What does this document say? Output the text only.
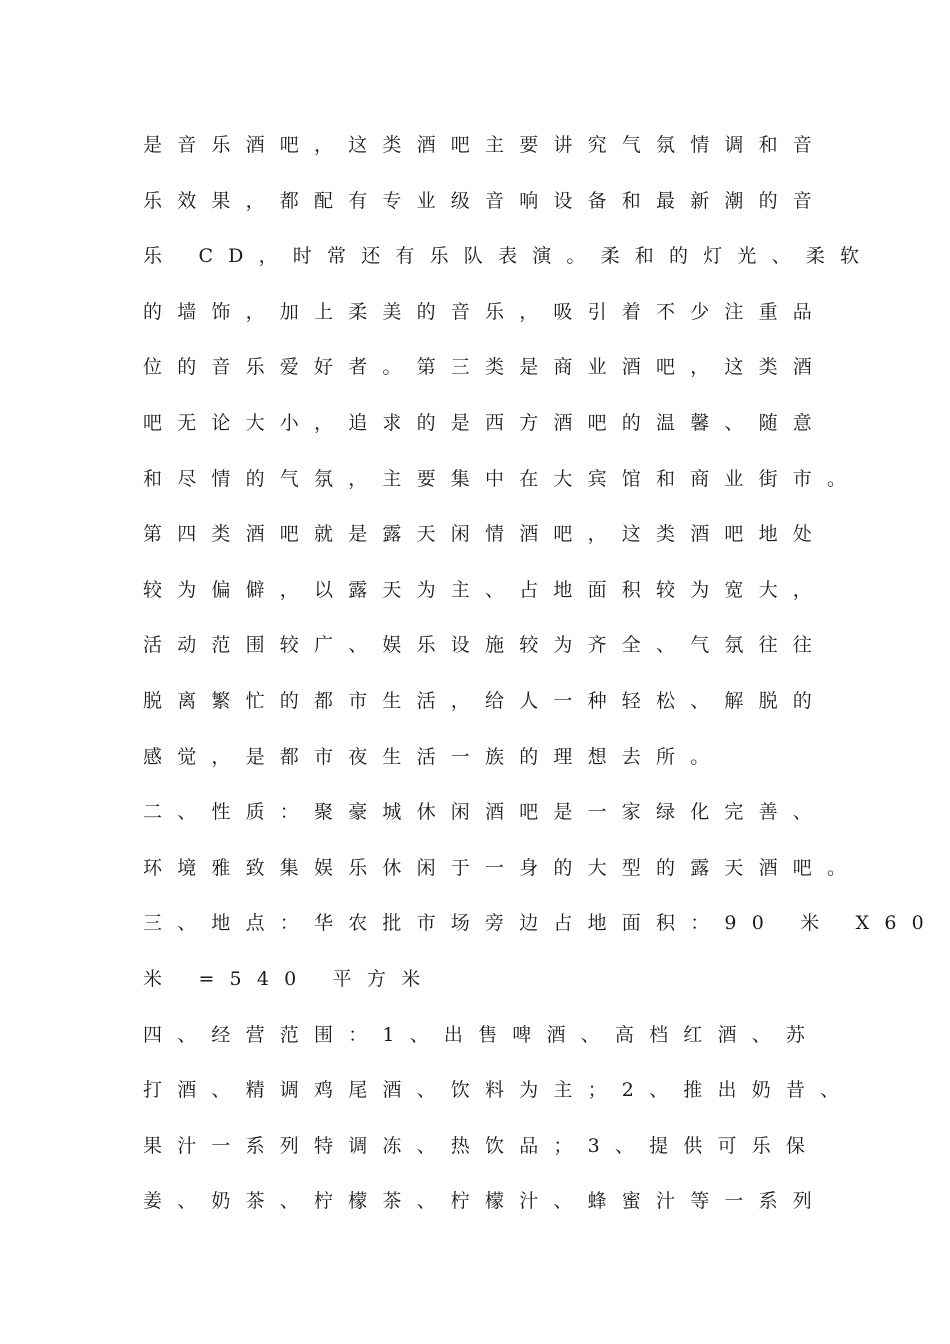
是音乐酒吧，这类酒吧主要讲究气氛情调和音
乐效果，都配有专业级音响设备和最新潮的音
乐 CD，时常还有乐队表演。柔和的灯光、柔软
的墙饰，加上柔美的音乐，吸引着不少注重品
位的音乐爱好者。第三类是商业酒吧，这类酒
吧无论大小，追求的是西方酒吧的温馨、随意
和尽情的气氛，主要集中在大宾馆和商业街市。
第四类酒吧就是露天闲情酒吧，这类酒吧地处
较为偏僻，以露天为主、占地面积较为宽大，
活动范围较广、娱乐设施较为齐全、气氛往往
脱离繁忙的都市生活，给人一种轻松、解脱的
感觉，是都市夜生活一族的理想去所。
二、性质：聚豪城休闲酒吧是一家绿化完善、
环境雅致集娱乐休闲于一身的大型的露天酒吧。
三、地点：华农批市场旁边占地面积：90 米 X60
米 =540 平方米
四、经营范围：1、出售啤酒、高档红酒、苏
打酒、精调鸡尾酒、饮料为主；2、推出奶昔、
果汁一系列特调冻、热饮品；3、提供可乐保
姜、奶茶、柠檬茶、柠檬汁、蜂蜜汁等一系列
